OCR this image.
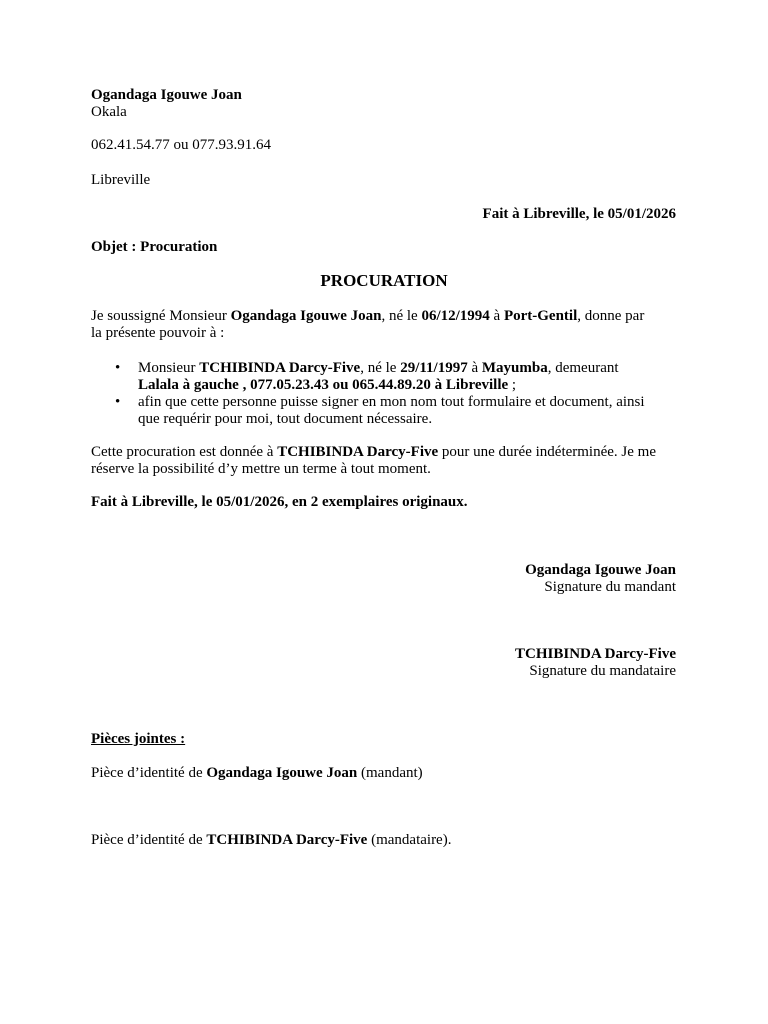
Ogandaga Igouwe Joan
Okala
062.41.54.77 ou 077.93.91.64
Libreville
Fait à Libreville, le 05/01/2026
Objet : Procuration
PROCURATION
Je soussigné Monsieur Ogandaga Igouwe Joan, né le 06/12/1994 à Port-Gentil, donne par
la présente pouvoir à :
• Monsieur TCHIBINDA Darcy-Five, né le 29/11/1997 à Mayumba, demeurant
Lalala à gauche , 077.05.23.43 ou 065.44.89.20 à Libreville ;
• afin que cette personne puisse signer en mon nom tout formulaire et document, ainsi
que requérir pour moi, tout document nécessaire.
Cette procuration est donnée à TCHIBINDA Darcy-Five pour une durée indéterminée. Je me
réserve la possibilité d’y mettre un terme à tout moment.
Fait à Libreville, le 05/01/2026, en 2 exemplaires originaux.
Ogandaga Igouwe Joan
Signature du mandant
TCHIBINDA Darcy-Five
Signature du mandataire
Pièces jointes :
Pièce d’identité de Ogandaga Igouwe Joan (mandant)
Pièce d’identité de TCHIBINDA Darcy-Five (mandataire).
